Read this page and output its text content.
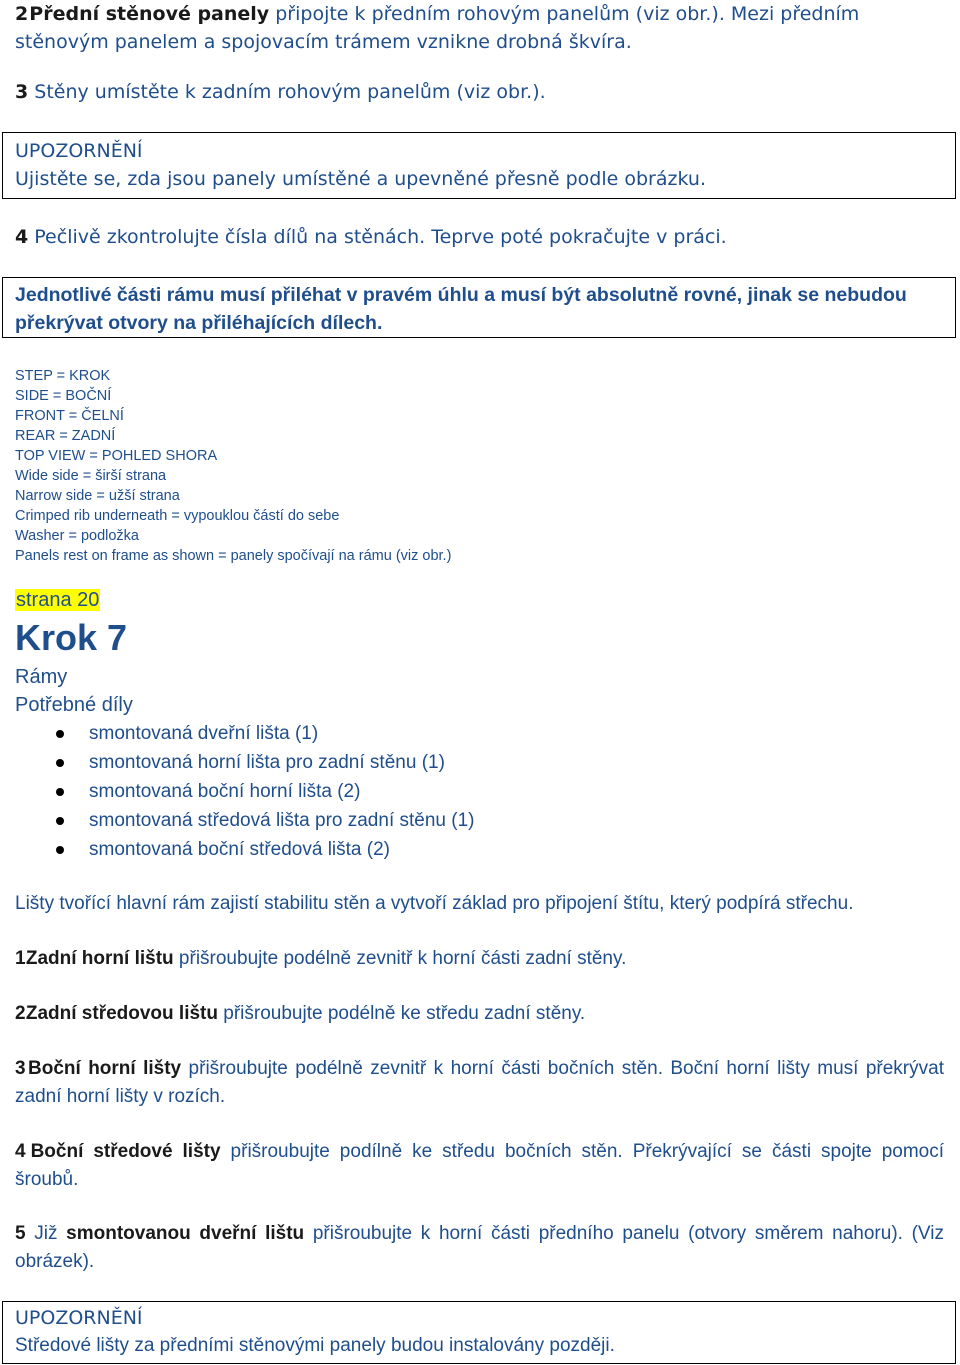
2 Přední stěnové panely připojte k předním rohovým panelům (viz obr.). Mezi předním stěnovým panelem a spojovacím trámem vznikne drobná škvíra.
3 Stěny umístěte k zadním rohovým panelům (viz obr.).
UPOZORNĚNÍ
Ujistěte se, zda jsou panely umístěné a upevněné přesně podle obrázku.
4 Pečlivě zkontrolujte čísla dílů na stěnách. Teprve poté pokračujte v práci.
Jednotlivé části rámu musí přiléhat v pravém úhlu a musí být absolutně rovné, jinak se nebudou překrývat otvory na přiléhajících dílech.
STEP = KROK
SIDE = BOČNÍ
FRONT = ČELNÍ
REAR = ZADNÍ
TOP VIEW = POHLED SHORA
Wide side = širší strana
Narrow side = užší strana
Crimped rib underneath = vypouklou částí do sebe
Washer = podložka
Panels rest on frame as shown = panely spočívají na rámu (viz obr.)
strana 20
Krok 7
Rámy
Potřebné díly
smontovaná dveřní lišta (1)
smontovaná horní lišta pro zadní stěnu (1)
smontovaná boční horní lišta (2)
smontovaná středová lišta pro zadní stěnu (1)
smontovaná boční středová lišta (2)
Lišty tvořící hlavní rám zajistí stabilitu stěn a vytvoří základ pro připojení štítu, který podpírá střechu.
1 Zadní horní lištu přišroubujte podélně zevnitř k horní části zadní stěny.
2 Zadní středovou lištu přišroubujte podélně ke středu zadní stěny.
3 Boční horní lišty přišroubujte podélně zevnitř k horní části bočních stěn. Boční horní lišty musí překrývat zadní horní lišty v rozích.
4 Boční středové lišty přišroubujte podílně ke středu bočních stěn. Překrývající se části spojte pomocí šroubů.
5 Již smontovanou dveřní lištu přišroubujte k horní části předního panelu (otvory směrem nahoru). (Viz obrázek).
UPOZORNĚNÍ
Středové lišty za předními stěnovými panely budou instalovány později.
